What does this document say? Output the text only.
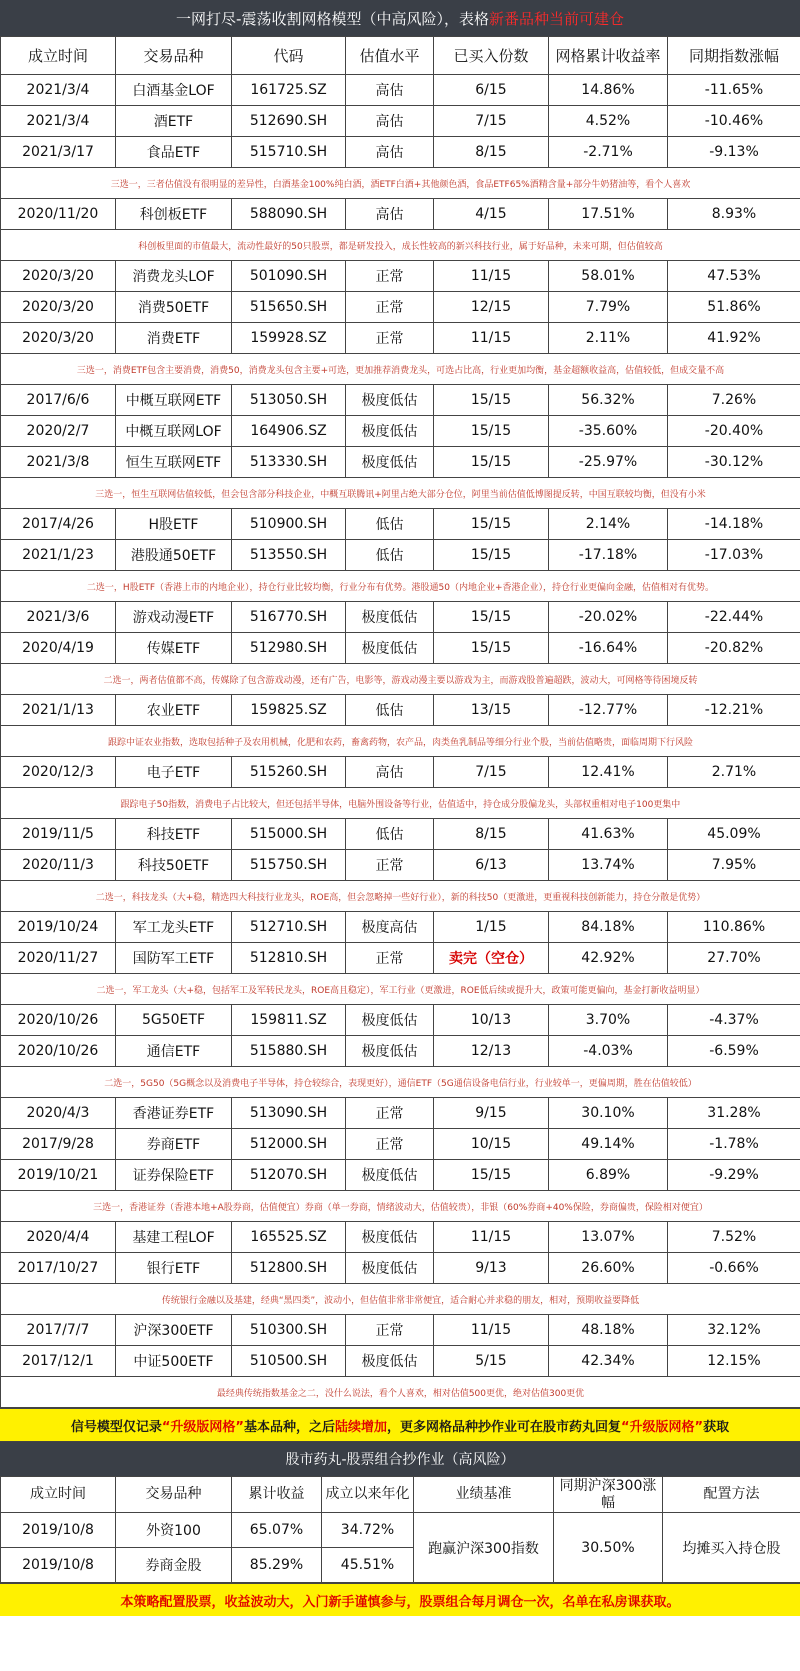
一网打尽-震荡收割网格模型（中高风险），表格 新番品种当前可建仓
成立时间	交易品种	代码	估值水平	已买入份数	网格累计收益率	同期指数涨幅
2021/3/4	白酒基金LOF	161725.SZ	高估	6/15	14.86%	-11.65%
2021/3/4	酒ETF	512690.SH	高估	7/15	4.52%	-10.46%
2021/3/17	食品ETF	515710.SH	高估	8/15	-2.71%	-9.13%
三选一，三者估值没有很明显的差异性，白酒基金100%纯白酒，酒ETF白酒+其他颜色酒，食品ETF65%酒精含量+部分牛奶猪油等，看个人喜欢						
2020/11/20	科创板ETF	588090.SH	高估	4/15	17.51%	8.93%
科创板里面的市值最大，流动性最好的50只股票，都是研发投入，成长性较高的新兴科技行业，属于好品种，未来可期，但估值较高						
2020/3/20	消费龙头LOF	501090.SH	正常	11/15	58.01%	47.53%
2020/3/20	消费50ETF	515650.SH	正常	12/15	7.79%	51.86%
2020/3/20	消费ETF	159928.SZ	正常	11/15	2.11%	41.92%
三选一，消费ETF包含主要消费，消费50，消费龙头包含主要+可选，更加推荐消费龙头，可选占比高，行业更加均衡，基金超额收益高，估值较低，但成交量不高						
2017/6/6	中概互联网ETF	513050.SH	极度低估	15/15	56.32%	7.26%
2020/2/7	中概互联网LOF	164906.SZ	极度低估	15/15	-35.60%	-20.40%
2021/3/8	恒生互联网ETF	513330.SH	极度低估	15/15	-25.97%	-30.12%
三选一，恒生互联网估值较低，但会包含部分科技企业，中概互联腾讯+阿里占绝大部分仓位，阿里当前估值低博图提反转，中国互联较均衡，但没有小米						
2017/4/26	H股ETF	510900.SH	低估	15/15	2.14%	-14.18%
2021/1/23	港股通50ETF	513550.SH	低估	15/15	-17.18%	-17.03%
二选一，H股ETF（香港上市的内地企业），持仓行业比较均衡，行业分布有优势。港股通50（内地企业+香港企业），持仓行业更偏向金融，估值相对有优势。						
2021/3/6	游戏动漫ETF	516770.SH	极度低估	15/15	-20.02%	-22.44%
2020/4/19	传媒ETF	512980.SH	极度低估	15/15	-16.64%	-20.82%
二选一，两者估值都不高，传媒除了包含游戏动漫，还有广告，电影等，游戏动漫主要以游戏为主，而游戏股普遍超跌，波动大，可网格等待困境反转						
2021/1/13	农业ETF	159825.SZ	低估	13/15	-12.77%	-12.21%
跟踪中证农业指数，选取包括种子及农用机械，化肥和农药，畜禽药物，农产品，肉类鱼乳制品等细分行业个股，当前估值略贵，面临周期下行风险						
2020/12/3	电子ETF	515260.SH	高估	7/15	12.41%	2.71%
跟踪电子50指数，消费电子占比较大，但还包括半导体，电脑外围设备等行业，估值适中，持仓成分股偏龙头，头部权重相对电子100更集中						
2019/11/5	科技ETF	515000.SH	低估	8/15	41.63%	45.09%
2020/11/3	科技50ETF	515750.SH	正常	6/13	13.74%	7.95%
二选一，科技龙头（大+稳，精选四大科技行业龙头，ROE高，但会忽略掉一些好行业），新的科技50（更激进，更重视科技创新能力，持仓分散是优势）						
2019/10/24	军工龙头ETF	512710.SH	极度高估	1/15	84.18%	110.86%
2020/11/27	国防军工ETF	512810.SH	正常	卖完（空仓）	42.92%	27.70%
二选一，军工龙头（大+稳，包括军工及军转民龙头，ROE高且稳定），军工行业（更激进，ROE低后续或提升大，政策可能更偏向，基金打新收益明显）						
2020/10/26	5G50ETF	159811.SZ	极度低估	10/13	3.70%	-4.37%
2020/10/26	通信ETF	515880.SH	极度低估	12/13	-4.03%	-6.59%
二选一，5G50（5G概念以及消费电子半导体，持仓较综合，表现更好），通信ETF（5G通信设备电信行业，行业较单一，更偏周期，胜在估值较低）						
2020/4/3	香港证券ETF	513090.SH	正常	9/15	30.10%	31.28%
2017/9/28	券商ETF	512000.SH	正常	10/15	49.14%	-1.78%
2019/10/21	证券保险ETF	512070.SH	极度低估	15/15	6.89%	-9.29%
三选一，香港证券（香港本地+A股券商，估值便宜）券商（单一券商，情绪波动大，估值较贵），非银（60%券商+40%保险，券商偏贵，保险相对便宜）						
2020/4/4	基建工程LOF	165525.SZ	极度低估	11/15	13.07%	7.52%
2017/10/27	银行ETF	512800.SH	极度低估	9/13	26.60%	-0.66%
传统银行金融以及基建，经典“黑四类”，波动小，但估值非常非常便宜，适合耐心并求稳的朋友，相对，预期收益要降低						
2017/7/7	沪深300ETF	510300.SH	正常	11/15	48.18%	32.12%
2017/12/1	中证500ETF	510500.SH	极度低估	5/15	42.34%	12.15%
最经典传统指数基金之二，没什么说法，看个人喜欢，相对估值500更优，绝对估值300更优						
信号模型仅记录 “升级版网格” 基本品种，之后 陆续增加 ，更多网格品种抄作业可在股市药丸回复 “升级版网格” 获取
股市药丸-股票组合抄作业（高风险）
成立时间	交易品种	累计收益	成立以来年化	业绩基准	同期沪深300涨幅	配置方法
2019/10/8	外资100	65.07%	34.72%	跑赢沪深300指数	30.50%	均摊买入持仓股
2019/10/8	券商金股	85.29%	45.51%			
本策略配置股票，收益波动大，入门新手谨慎参与，股票组合每月调仓一次，名单在私房课获取。
